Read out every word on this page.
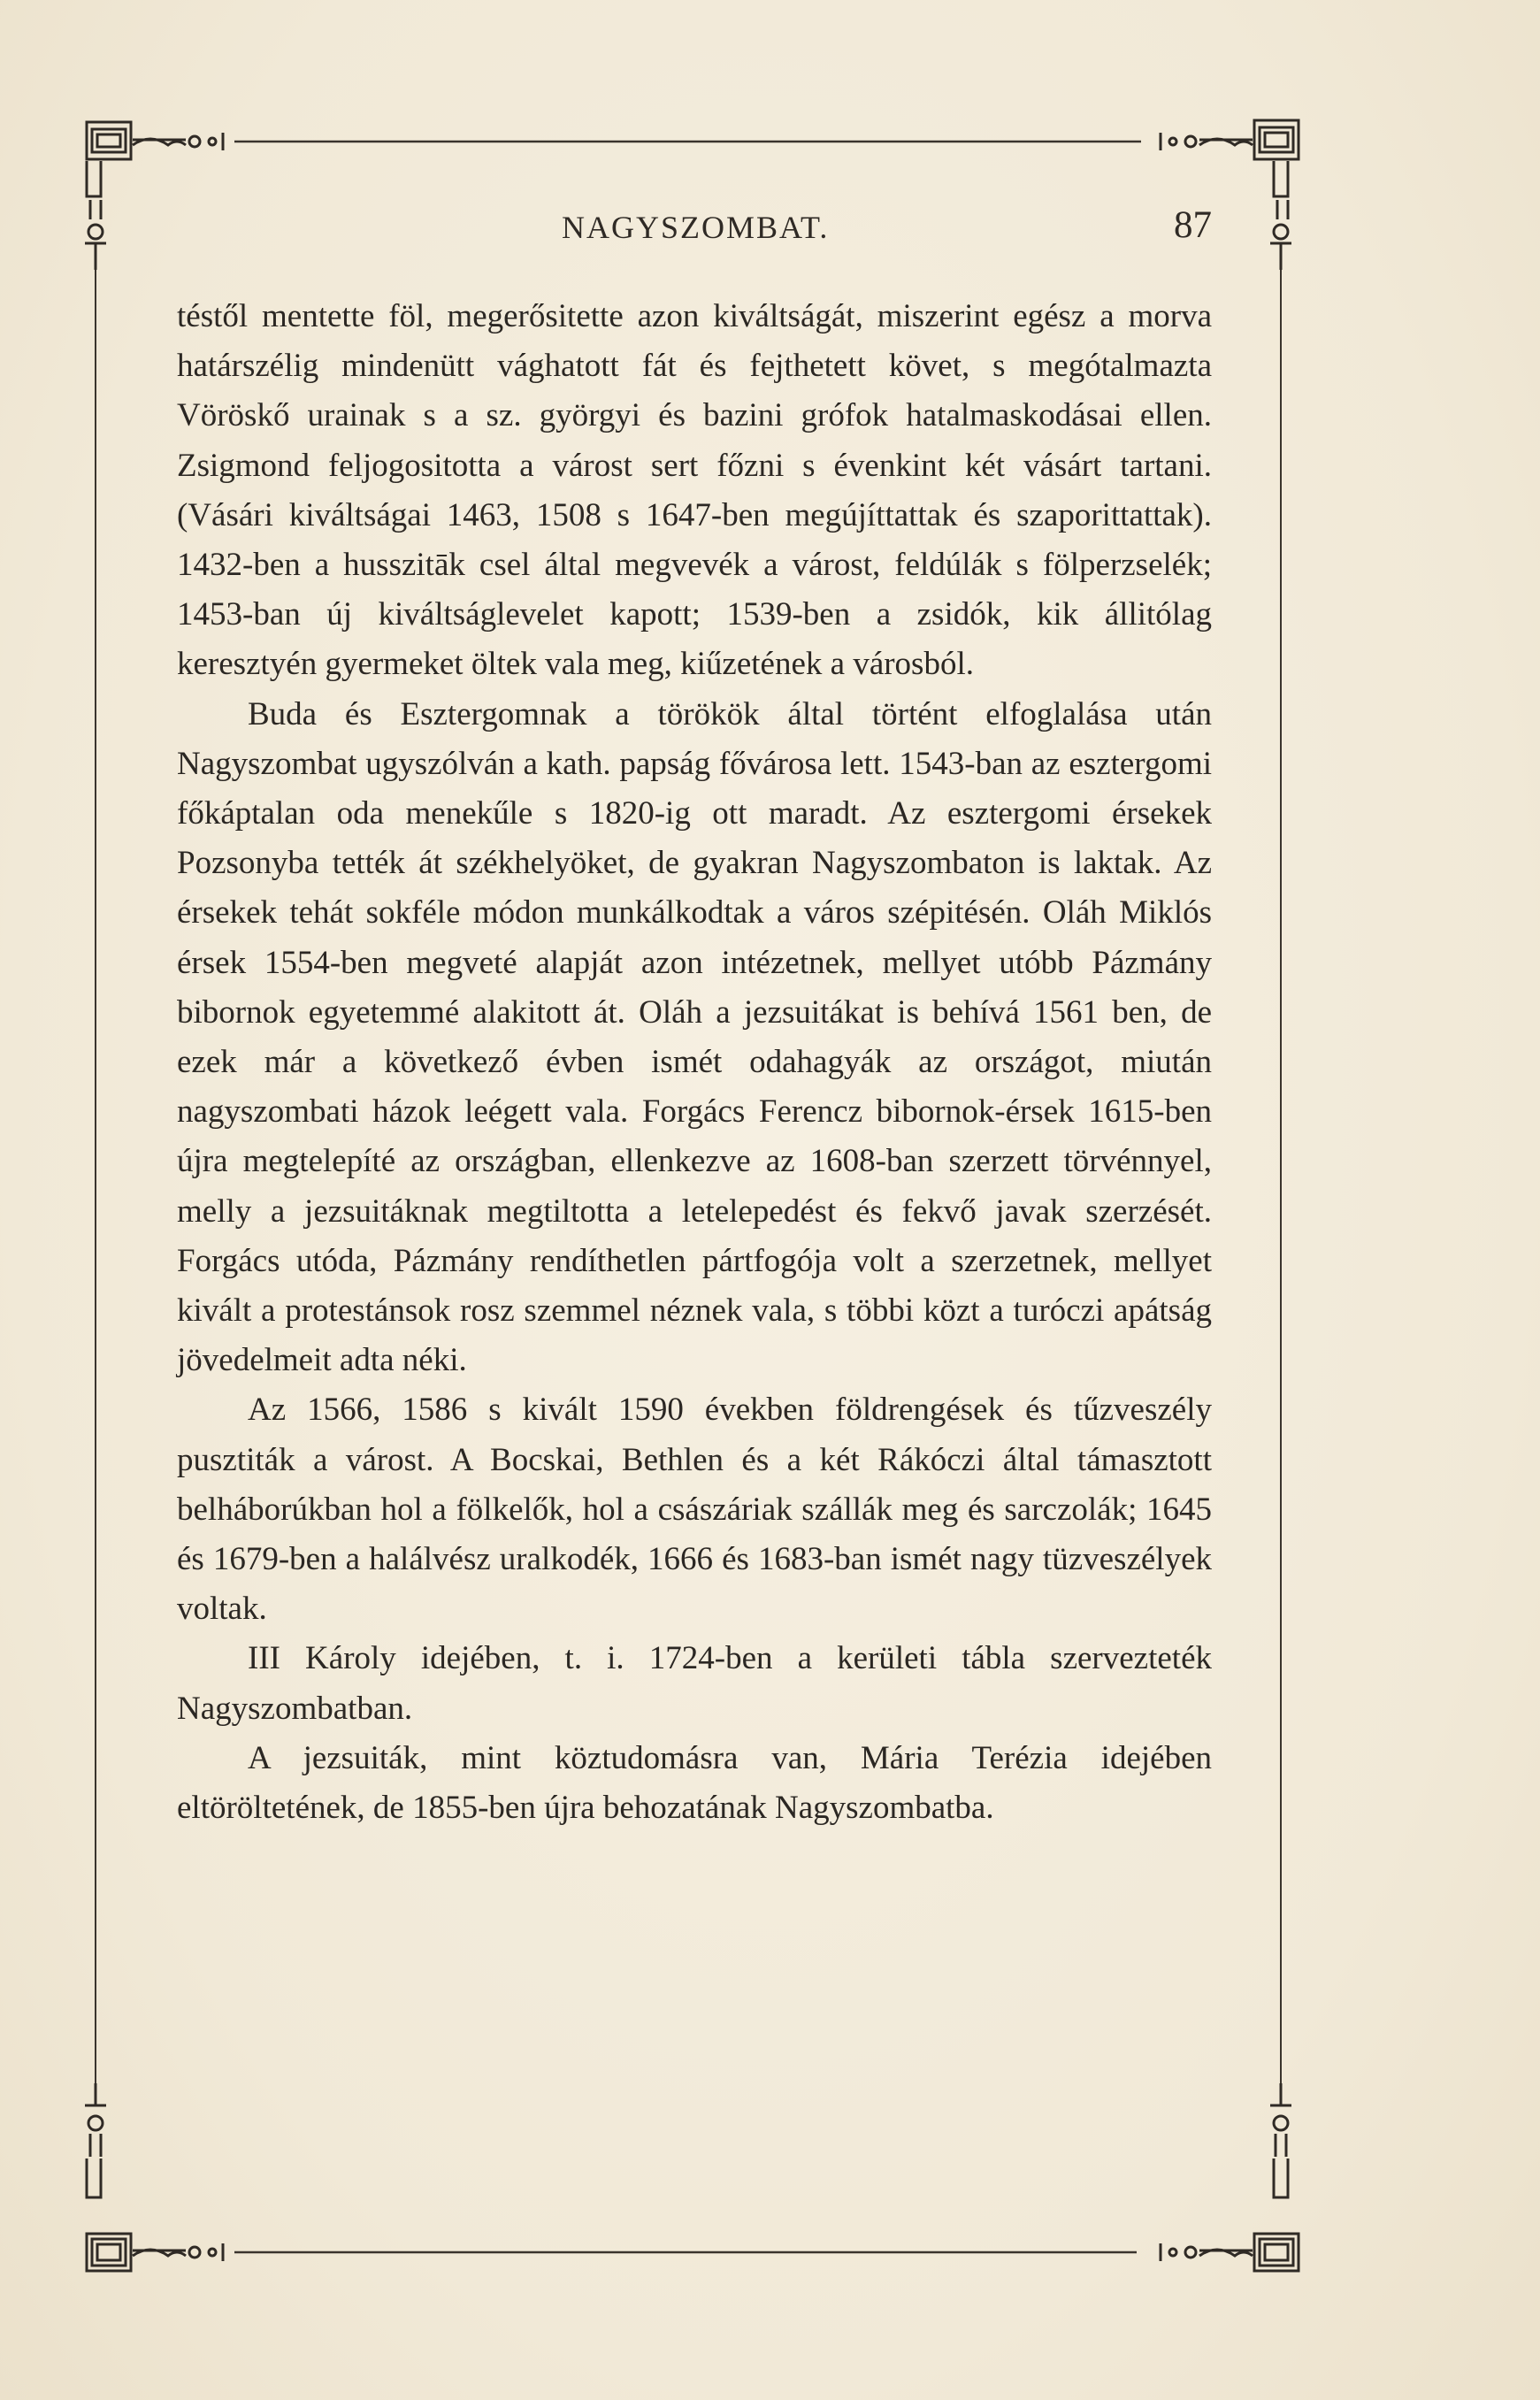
NAGYSZOMBAT.	87

téstől mentette föl, megerősitette azon kiváltságát, miszerint egész a morva határszélig mindenütt vághatott fát és fejthetett követ, s megótalmazta Vöröskő urainak s a sz. györgyi és bazini grófok hatalmaskodásai ellen. Zsigmond feljogositotta a várost sert főzni s évenkint két vásárt tartani. (Vásári kiváltságai 1463, 1508 s 1647-ben megújíttattak és szaporittattak). 1432-ben a husszitāk csel által megvevék a várost, feldúlák s fölperzselék; 1453-ban új kiváltságlevelet kapott; 1539-ben a zsidók, kik állitólag keresztyén gyermeket öltek vala meg, kiűzetének a városból.

Buda és Esztergomnak a törökök által történt elfoglalása után Nagyszombat ugyszólván a kath. papság fővárosa lett. 1543-ban az esztergomi főkáptalan oda menekűle s 1820-ig ott maradt. Az esztergomi érsekek Pozsonyba tették át székhelyöket, de gyakran Nagyszombaton is laktak. Az érsekek tehát sokféle módon munkálkodtak a város szépitésén. Oláh Miklós érsek 1554-ben megveté alapját azon intézetnek, mellyet utóbb Pázmány bibornok egyetemmé alakitott át. Oláh a jezsuitákat is behívá 1561 ben, de ezek már a következő évben ismét odahagyák az országot, miután nagyszombati házok leégett vala. Forgács Ferencz bibornok-érsek 1615-ben újra megtelepíté az országban, ellenkezve az 1608-ban szerzett törvénnyel, melly a jezsuitáknak megtiltotta a letelepedést és fekvő javak szerzését. Forgács utóda, Pázmány rendíthetlen pártfogója volt a szerzetnek, mellyet kivált a protestánsok rosz szemmel néznek vala, s többi közt a turóczi apátság jövedelmeit adta néki.

Az 1566, 1586 s kivált 1590 években földrengések és tűzveszély pusztiták a várost. A Bocskai, Bethlen és a két Rákóczi által támasztott belháborúkban hol a fölkelők, hol a császáriak szállák meg és sarczolák; 1645 és 1679-ben a halálvész uralkodék, 1666 és 1683-ban ismét nagy tüzveszélyek voltak.

III Károly idejében, t. i. 1724-ben a kerületi tábla szervezteték Nagyszombatban.

A jezsuiták, mint köztudomásra van, Mária Terézia idejében eltöröltetének, de 1855-ben újra behozatának Nagyszombatba.
